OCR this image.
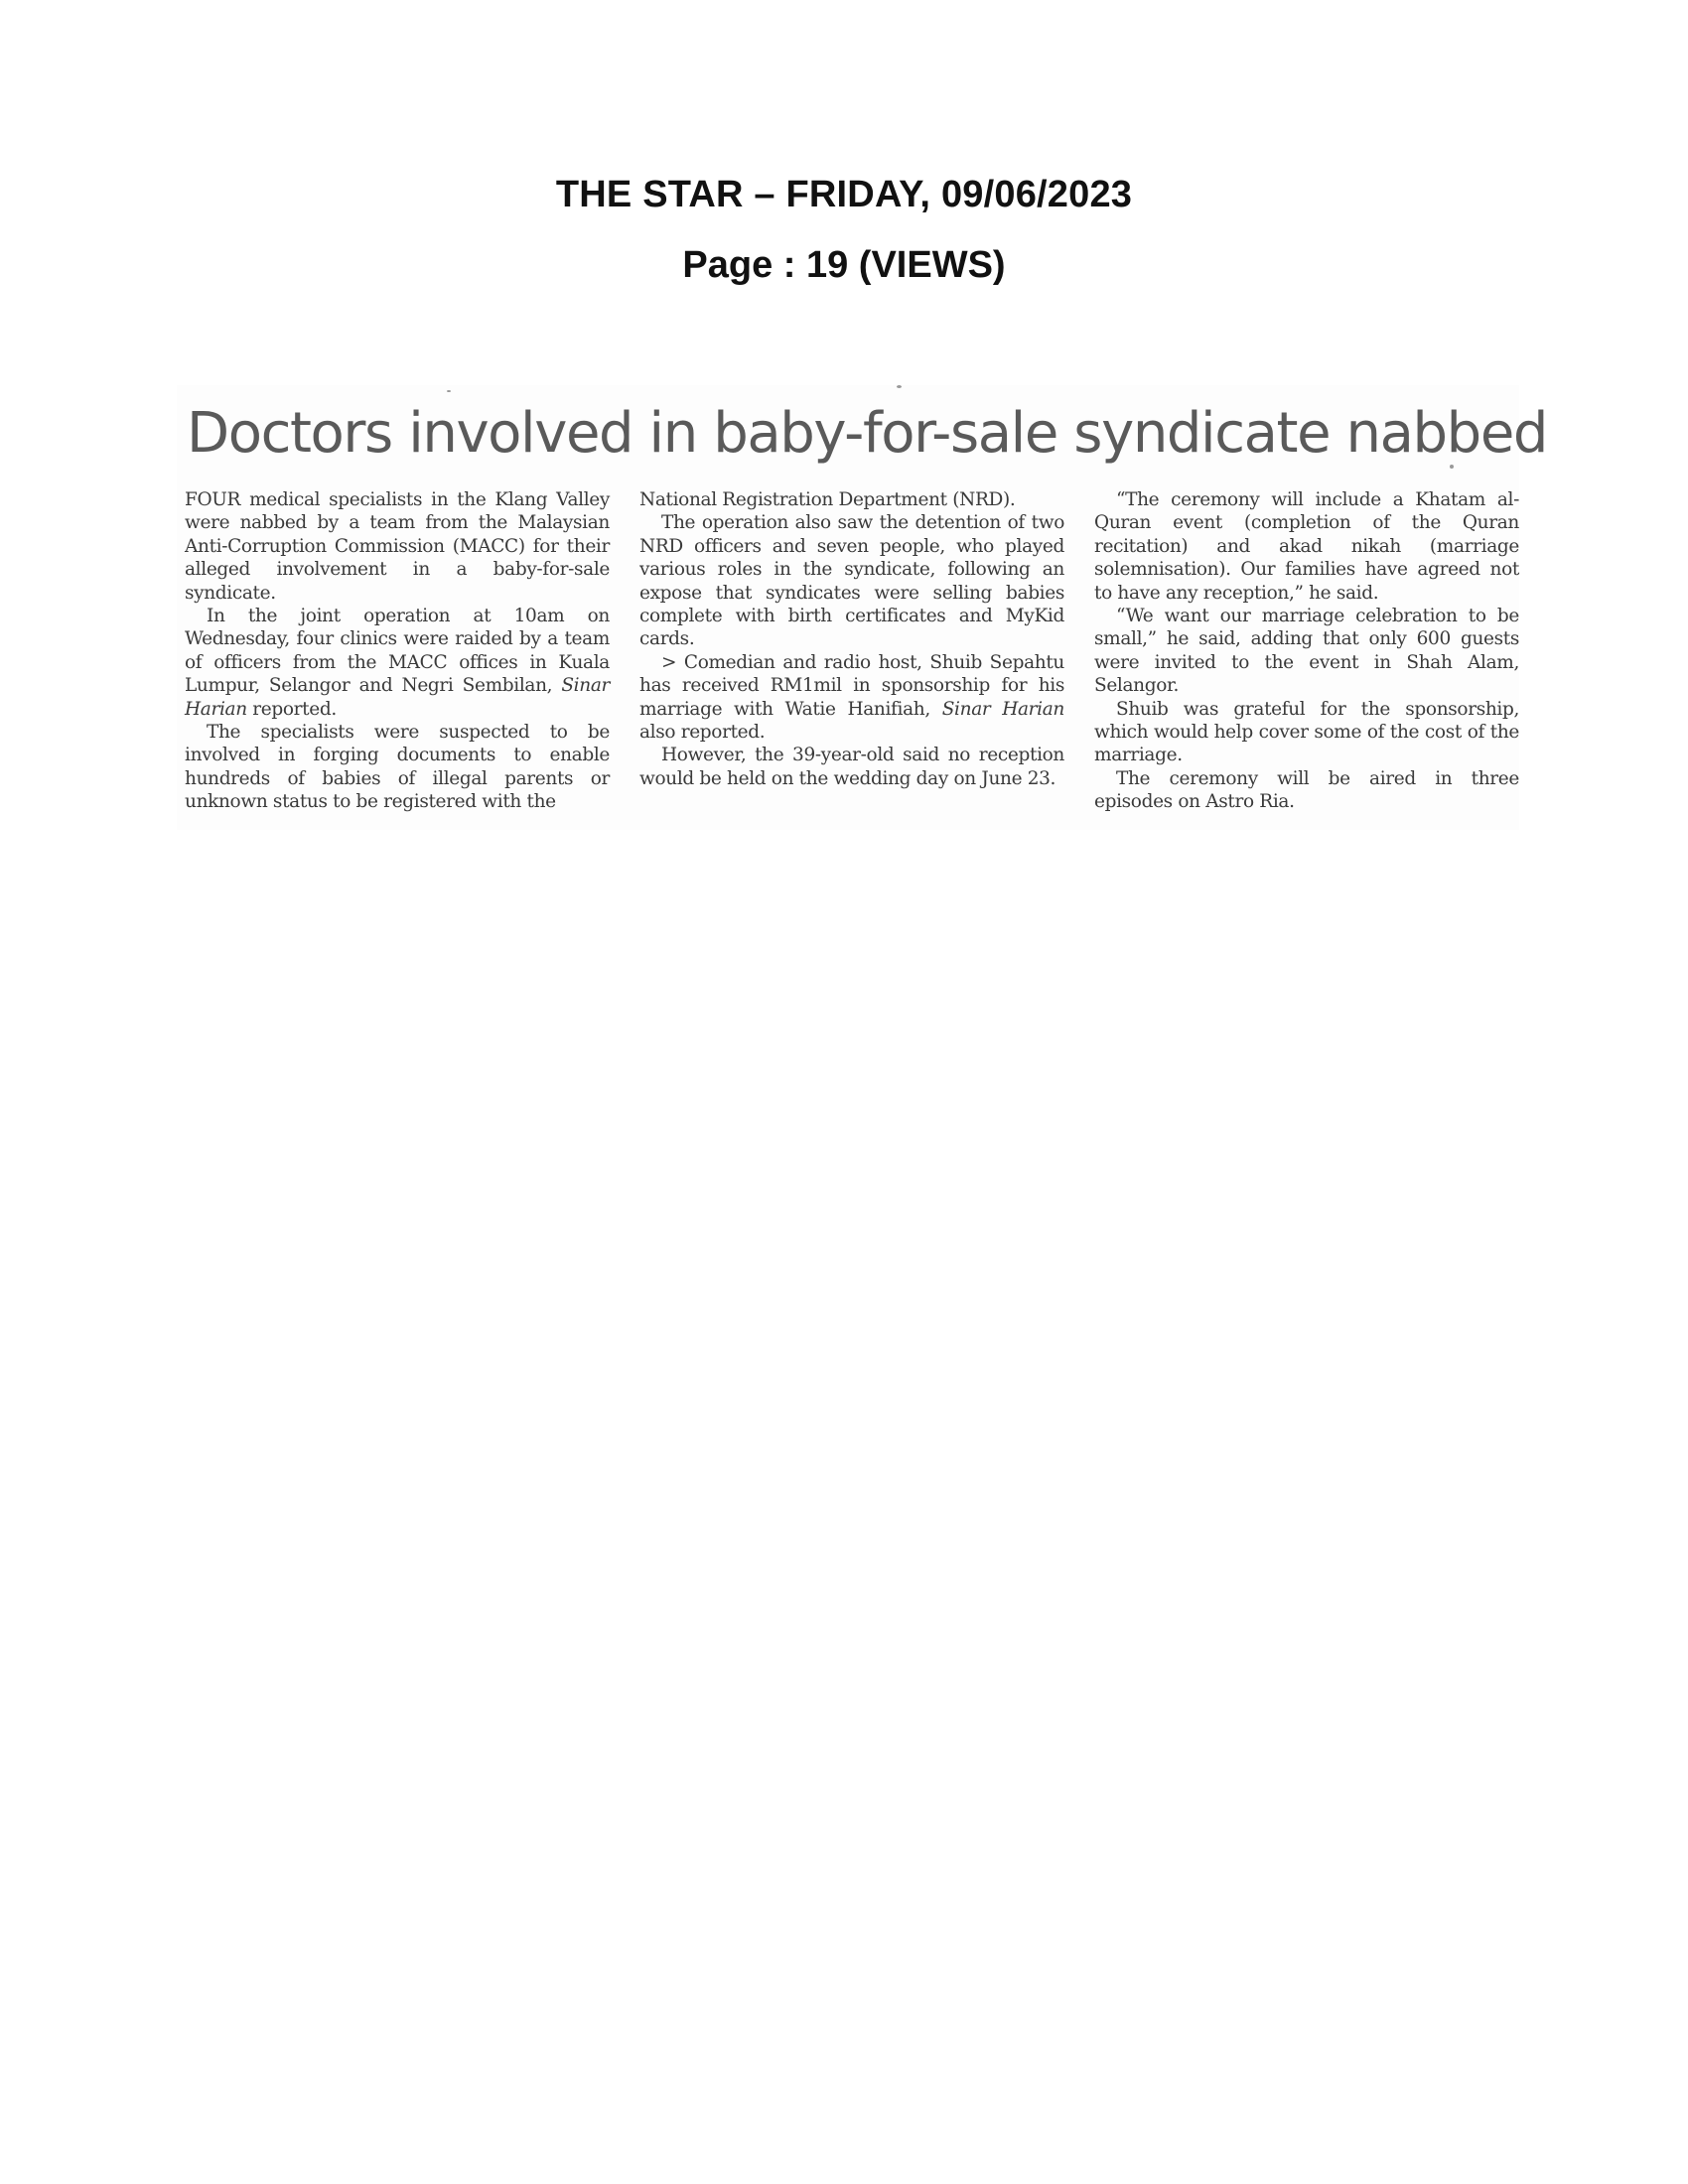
THE STAR – FRIDAY, 09/06/2023
Page : 19 (VIEWS)
Doctors involved in baby-for-sale syndicate nabbed

FOUR medical specialists in the Klang Valley were nabbed by a team from the Malaysian Anti-Corruption Commission (MACC) for their alleged involvement in a baby-for-sale syndicate.

In the joint operation at 10am on Wednesday, four clinics were raided by a team of officers from the MACC offices in Kuala Lumpur, Selangor and Negri Sembilan, Sinar Harian reported.

The specialists were suspected to be involved in forging documents to enable hundreds of babies of illegal parents or unknown status to be registered with the

National Registration Department (NRD).

The operation also saw the detention of two NRD officers and seven people, who played various roles in the syndicate, following an expose that syndicates were selling babies complete with birth certificates and MyKid cards.

> Comedian and radio host, Shuib Sepahtu has received RM1mil in sponsorship for his marriage with Watie Hanifiah, Sinar Harian also reported.

However, the 39-year-old said no reception would be held on the wedding day on June 23.

“The ceremony will include a Khatam al-Quran event (completion of the Quran recitation) and akad nikah (marriage solemnisation). Our families have agreed not to have any reception,” he said.

“We want our marriage celebration to be small,” he said, adding that only 600 guests were invited to the event in Shah Alam, Selangor.

Shuib was grateful for the sponsorship, which would help cover some of the cost of the marriage.

The ceremony will be aired in three episodes on Astro Ria.
